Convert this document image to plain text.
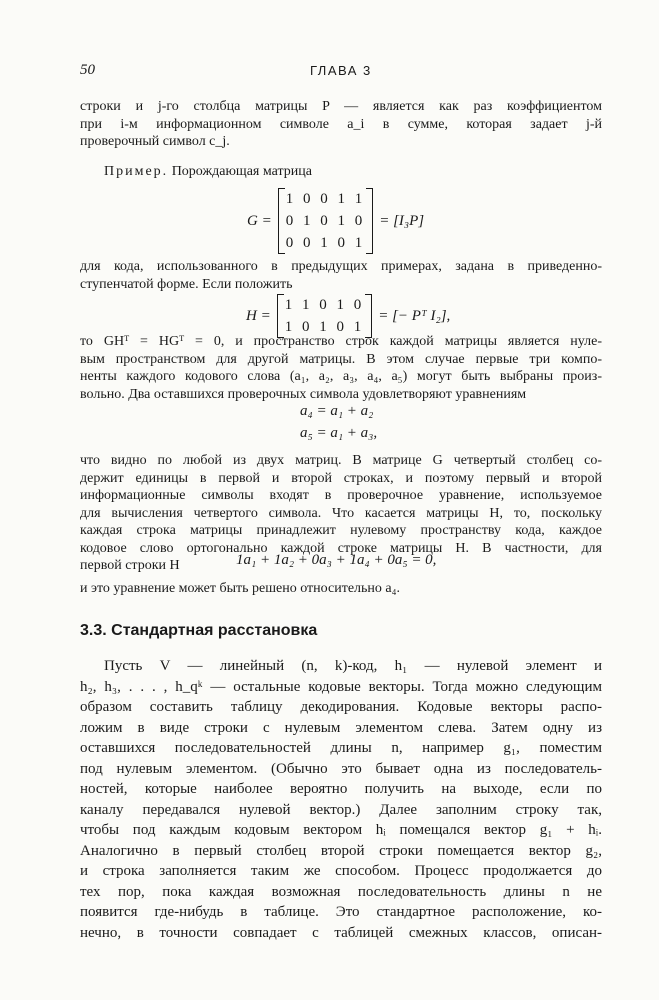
50	ГЛАВА 3
строки и j-го столбца матрицы P — является как раз коэффициентом
при i-м информационном символе a_i в сумме, которая задает j-й
проверочный символ c_j.
Пример. Порождающая матрица
G =
1 0 0 1 1
0 1 0 1 0
0 0 1 0 1
= [I₃P]
для кода, использованного в предыдущих примерах, задана в приведенно-
ступенчатой форме. Если положить
H =
1 1 0 1 0
1 0 1 0 1
= [− Pᵀ I₂],
то GHᵀ = HGᵀ = 0, и пространство строк каждой матрицы является нуле-
вым пространством для другой матрицы. В этом случае первые три компо-
ненты каждого кодового слова (a₁, a₂, a₃, a₄, a₅) могут быть выбраны произ-
вольно. Два оставшихся проверочных символа удовлетворяют уравнениям
a₄ = a₁ + a₂
a₅ = a₁ + a₃,
что видно по любой из двух матриц. В матрице G четвертый столбец со-
держит единицы в первой и второй строках, и поэтому первый и второй
информационные символы входят в проверочное уравнение, используемое
для вычисления четвертого символа. Что касается матрицы H, то, поскольку
каждая строка матрицы принадлежит нулевому пространству кода, каждое
кодовое слово ортогонально каждой строке матрицы H. В частности, для
первой строки H	1a₁ + 1a₂ + 0a₃ + 1a₄ + 0a₅ = 0,
и это уравнение может быть решено относительно a₄.
3.3. Стандартная расстановка
Пусть V — линейный (n, k)-код, h₁ — нулевой элемент и
h₂, h₃, . . . , h_qᵏ — остальные кодовые векторы. Тогда можно следующим
образом составить таблицу декодирования. Кодовые векторы распо-
ложим в виде строки с нулевым элементом слева. Затем одну из
оставшихся последовательностей длины n, например g₁, поместим
под нулевым элементом. (Обычно это бывает одна из последователь-
ностей, которые наиболее вероятно получить на выходе, если по
каналу передавался нулевой вектор.) Далее заполним строку так,
чтобы под каждым кодовым вектором hᵢ помещался вектор g₁ + hᵢ.
Аналогично в первый столбец второй строки помещается вектор g₂,
и строка заполняется таким же способом. Процесс продолжается до
тех пор, пока каждая возможная последовательность длины n не
появится где-нибудь в таблице. Это стандартное расположение, ко-
нечно, в точности совпадает с таблицей смежных классов, описан-
